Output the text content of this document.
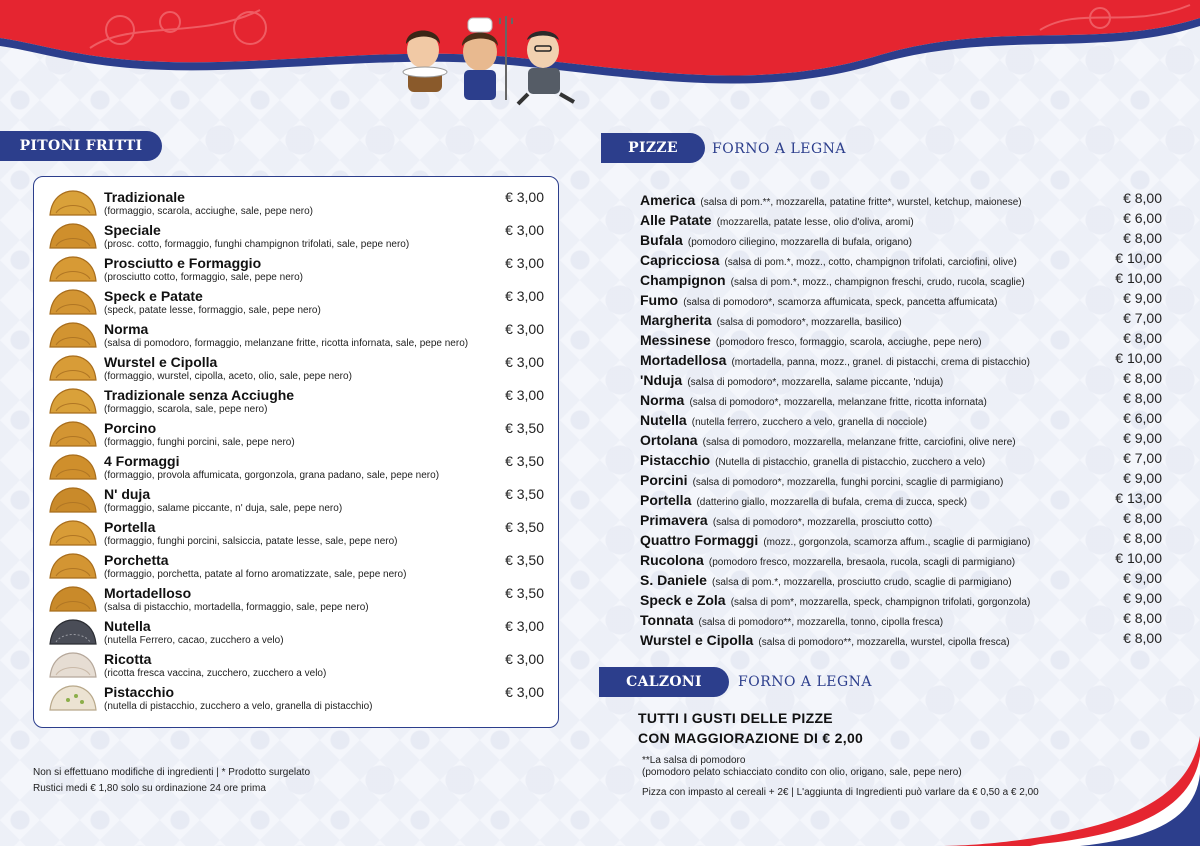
PITONI FRITTI
Tradizionale
(formaggio, scarola, acciughe, sale, pepe nero)
€ 3,00
Speciale
(prosc. cotto, formaggio, funghi champignon trifolati, sale, pepe nero)
€ 3,00
Prosciutto e Formaggio
(prosciutto cotto, formaggio, sale, pepe nero)
€ 3,00
Speck e Patate
(speck, patate lesse, formaggio, sale, pepe nero)
€ 3,00
Norma
(salsa di pomodoro, formaggio, melanzane fritte, ricotta infornata, sale, pepe nero)
€ 3,00
Wurstel e Cipolla
(formaggio, wurstel, cipolla, aceto, olio, sale, pepe nero)
€ 3,00
Tradizionale senza Acciughe
(formaggio, scarola, sale, pepe nero)
€ 3,00
Porcino
(formaggio, funghi porcini, sale, pepe nero)
€ 3,50
4 Formaggi
(formaggio, provola affumicata, gorgonzola, grana padano, sale, pepe nero)
€ 3,50
N' duja
(formaggio, salame piccante, n' duja, sale, pepe nero)
€ 3,50
Portella
(formaggio, funghi porcini, salsiccia, patate lesse, sale, pepe nero)
€ 3,50
Porchetta
(formaggio, porchetta, patate al forno aromatizzate, sale, pepe nero)
€ 3,50
Mortadelloso
(salsa di pistacchio, mortadella, formaggio, sale, pepe nero)
€ 3,50
Nutella
(nutella Ferrero, cacao, zucchero a velo)
€ 3,00
Ricotta
(ricotta fresca vaccina, zucchero, zucchero a velo)
€ 3,00
Pistacchio
(nutella di pistacchio, zucchero a velo, granella di pistacchio)
€ 3,00
Non si effettuano modifiche di ingredienti | * Prodotto surgelato
Rustici medi € 1,80 solo su ordinazione 24 ore prima
PIZZE FORNO A LEGNA
America (salsa di pom.**, mozzarella, patatine fritte*, wurstel, ketchup, maionese)	€ 8,00
Alle Patate (mozzarella, patate lesse, olio d'oliva, aromi)	€ 6,00
Bufala (pomodoro ciliegino, mozzarella di bufala, origano)	€ 8,00
Capricciosa (salsa di pom.*, mozz., cotto, champignon trifolati, carciofini, olive)	€ 10,00
Champignon (salsa di pom.*, mozz., champignon freschi, crudo, rucola, scaglie)	€ 10,00
Fumo (salsa di pomodoro*, scamorza affumicata, speck, pancetta affumicata)	€ 9,00
Margherita (salsa di pomodoro*, mozzarella, basilico)	€ 7,00
Messinese (pomodoro fresco, formaggio, scarola, acciughe, pepe nero)	€ 8,00
Mortadellosa (mortadella, panna, mozz., granel. di pistacchi, crema di pistacchio)	€ 10,00
'Nduja (salsa di pomodoro*, mozzarella, salame piccante, 'nduja)	€ 8,00
Norma (salsa di pomodoro*, mozzarella, melanzane fritte, ricotta infornata)	€ 8,00
Nutella (nutella ferrero, zucchero a velo, granella di nocciole)	€ 6,00
Ortolana (salsa di pomodoro, mozzarella, melanzane fritte, carciofini, olive nere)	€ 9,00
Pistacchio (Nutella di pistacchio, granella di pistacchio, zucchero a velo)	€ 7,00
Porcini (salsa di pomodoro*, mozzarella, funghi porcini, scaglie di parmigiano)	€ 9,00
Portella (datterino giallo, mozzarella di bufala, crema di zucca, speck)	€ 13,00
Primavera (salsa di pomodoro*, mozzarella, prosciutto cotto)	€ 8,00
Quattro Formaggi (mozz., gorgonzola, scamorza affum., scaglie di parmigiano)	€ 8,00
Rucolona (pomodoro fresco, mozzarella, bresaola, rucola, scagli di parmigiano)	€ 10,00
S. Daniele (salsa di pom.*, mozzarella, prosciutto crudo, scaglie di parmigiano)	€ 9,00
Speck e Zola (salsa di pom*, mozzarella, speck, champignon trifolati, gorgonzola)	€ 9,00
Tonnata (salsa di pomodoro**, mozzarella, tonno, cipolla fresca)	€ 8,00
Wurstel e Cipolla (salsa di pomodoro**, mozzarella, wurstel, cipolla fresca)	€ 8,00
CALZONI	FORNO A LEGNA
TUTTI I GUSTI DELLE PIZZE
CON MAGGIORAZIONE DI € 2,00
**La salsa di pomodoro
(pomodoro pelato schiacciato condito con olio, origano, sale, pepe nero)
Pizza con impasto al cereali + 2€ | L'aggiunta di Ingredienti può varlare da € 0,50 a € 2,00
